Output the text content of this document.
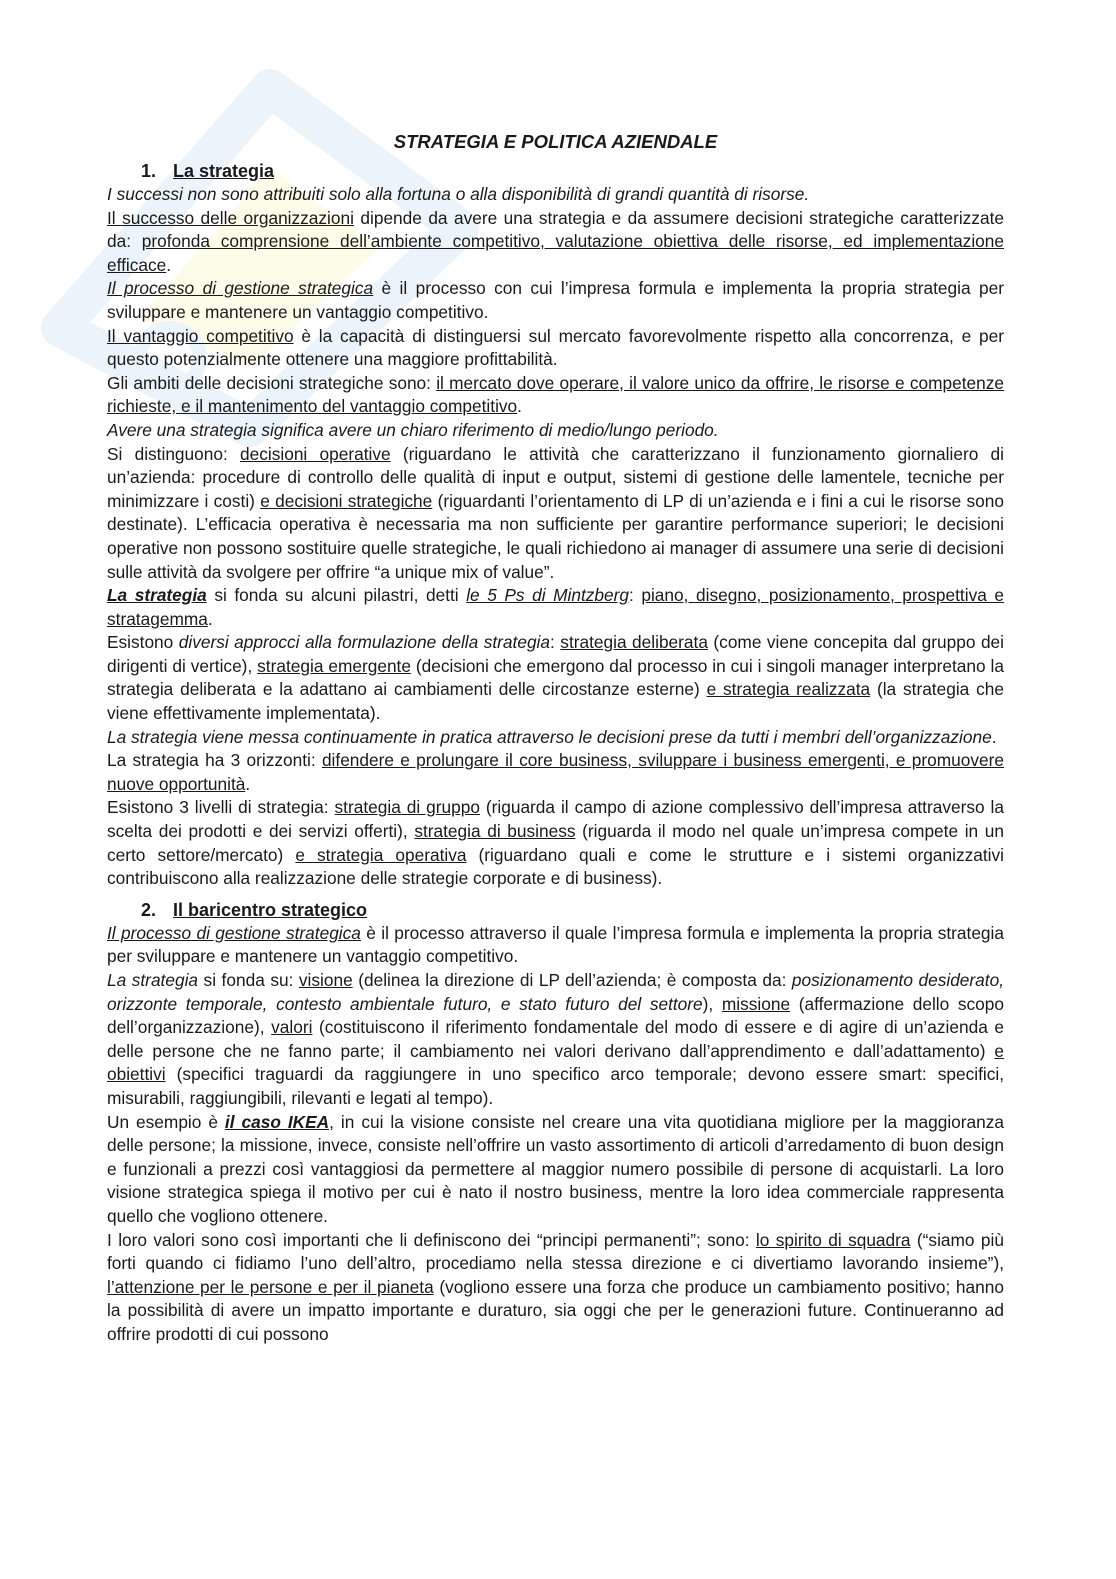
STRATEGIA E POLITICA AZIENDALE
1. La strategia

I successi non sono attribuiti solo alla fortuna o alla disponibilità di grandi quantità di risorse.

Il successo delle organizzazioni dipende da avere una strategia e da assumere decisioni strategiche caratterizzate da: profonda comprensione dell’ambiente competitivo, valutazione obiettiva delle risorse, ed implementazione efficace.

Il processo di gestione strategica è il processo con cui l’impresa formula e implementa la propria strategia per sviluppare e mantenere un vantaggio competitivo.

Il vantaggio competitivo è la capacità di distinguersi sul mercato favorevolmente rispetto alla concorrenza, e per questo potenzialmente ottenere una maggiore profittabilità.

Gli ambiti delle decisioni strategiche sono: il mercato dove operare, il valore unico da offrire, le risorse e competenze richieste, e il mantenimento del vantaggio competitivo.

Avere una strategia significa avere un chiaro riferimento di medio/lungo periodo.

Si distinguono: decisioni operative (riguardano le attività che caratterizzano il funzionamento giornaliero di un’azienda: procedure di controllo delle qualità di input e output, sistemi di gestione delle lamentele, tecniche per minimizzare i costi) e decisioni strategiche (riguardanti l’orientamento di LP di un’azienda e i fini a cui le risorse sono destinate). L’efficacia operativa è necessaria ma non sufficiente per garantire performance superiori; le decisioni operative non possono sostituire quelle strategiche, le quali richiedono ai manager di assumere una serie di decisioni sulle attività da svolgere per offrire “a unique mix of value”.

La strategia si fonda su alcuni pilastri, detti le 5 Ps di Mintzberg: piano, disegno, posizionamento, prospettiva e stratagemma.

Esistono diversi approcci alla formulazione della strategia: strategia deliberata (come viene concepita dal gruppo dei dirigenti di vertice), strategia emergente (decisioni che emergono dal processo in cui i singoli manager interpretano la strategia deliberata e la adattano ai cambiamenti delle circostanze esterne) e strategia realizzata (la strategia che viene effettivamente implementata).

La strategia viene messa continuamente in pratica attraverso le decisioni prese da tutti i membri dell’organizzazione.

La strategia ha 3 orizzonti: difendere e prolungare il core business, sviluppare i business emergenti, e promuovere nuove opportunità.

Esistono 3 livelli di strategia: strategia di gruppo (riguarda il campo di azione complessivo dell’impresa attraverso la scelta dei prodotti e dei servizi offerti), strategia di business (riguarda il modo nel quale un’impresa compete in un certo settore/mercato) e strategia operativa (riguardano quali e come le strutture e i sistemi organizzativi contribuiscono alla realizzazione delle strategie corporate e di business).

2. Il baricentro strategico

Il processo di gestione strategica è il processo attraverso il quale l’impresa formula e implementa la propria strategia per sviluppare e mantenere un vantaggio competitivo.

La strategia si fonda su: visione (delinea la direzione di LP dell’azienda; è composta da: posizionamento desiderato, orizzonte temporale, contesto ambientale futuro, e stato futuro del settore), missione (affermazione dello scopo dell’organizzazione), valori (costituiscono il riferimento fondamentale del modo di essere e di agire di un’azienda e delle persone che ne fanno parte; il cambiamento nei valori derivano dall’apprendimento e dall’adattamento) e obiettivi (specifici traguardi da raggiungere in uno specifico arco temporale; devono essere smart: specifici, misurabili, raggiungibili, rilevanti e legati al tempo).

Un esempio è il caso IKEA, in cui la visione consiste nel creare una vita quotidiana migliore per la maggioranza delle persone; la missione, invece, consiste nell’offrire un vasto assortimento di articoli d’arredamento di buon design e funzionali a prezzi così vantaggiosi da permettere al maggior numero possibile di persone di acquistarli. La loro visione strategica spiega il motivo per cui è nato il nostro business, mentre la loro idea commerciale rappresenta quello che vogliono ottenere.

I loro valori sono così importanti che li definiscono dei “principi permanenti”; sono: lo spirito di squadra (“siamo più forti quando ci fidiamo l’uno dell’altro, procediamo nella stessa direzione e ci divertiamo lavorando insieme”), l’attenzione per le persone e per il pianeta (vogliono essere una forza che produce un cambiamento positivo; hanno la possibilità di avere un impatto importante e duraturo, sia oggi che per le generazioni future. Continueranno ad offrire prodotti di cui possono
